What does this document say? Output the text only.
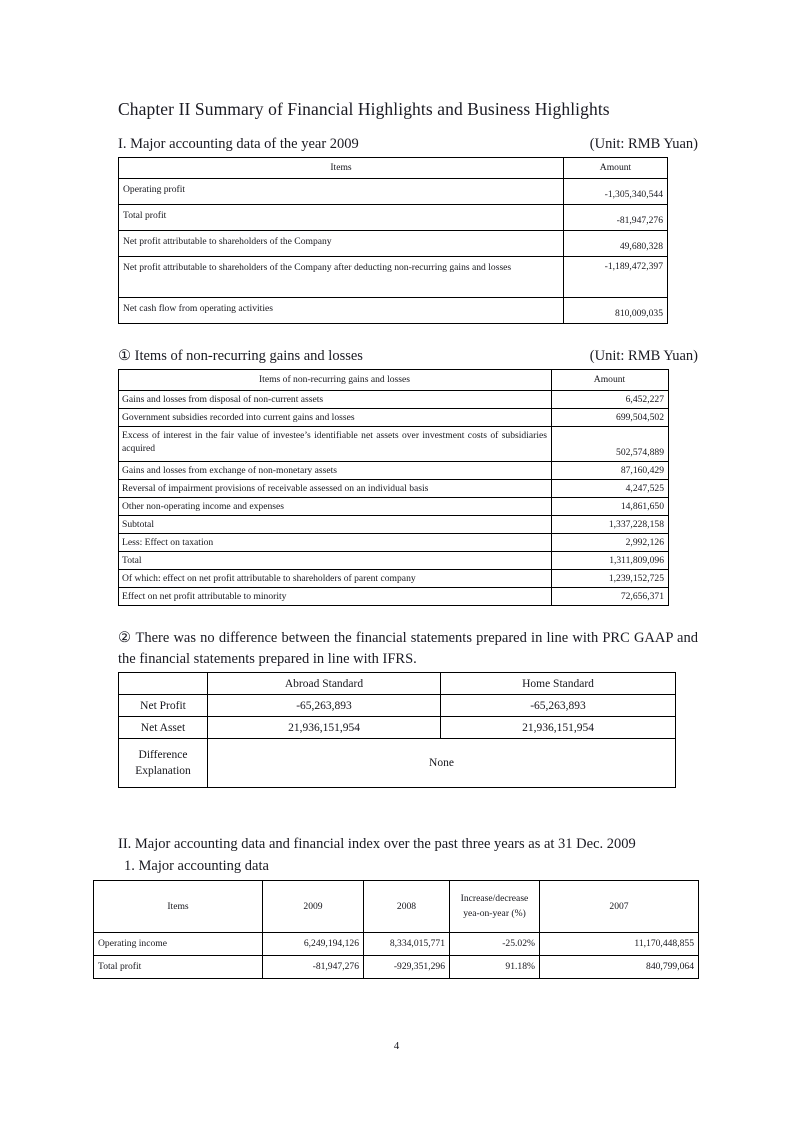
Chapter II Summary of Financial Highlights and Business Highlights
I. Major accounting data of the year 2009	(Unit: RMB Yuan)
Items	Amount
Operating profit	-1,305,340,544
Total profit	-81,947,276
Net profit attributable to shareholders of the Company	49,680,328
Net profit attributable to shareholders of the Company after deducting non-recurring gains and losses	-1,189,472,397
Net cash flow from operating activities	810,009,035
① Items of non-recurring gains and losses	(Unit: RMB Yuan)
Items of non-recurring gains and losses	Amount
Gains and losses from disposal of non-current assets	6,452,227
Government subsidies recorded into current gains and losses	699,504,502
Excess of interest in the fair value of investee’s identifiable net assets over investment costs of subsidiaries acquired	502,574,889
Gains and losses from exchange of non-monetary assets	87,160,429
Reversal of impairment provisions of receivable assessed on an individual basis	4,247,525
Other non-operating income and expenses	14,861,650
Subtotal	1,337,228,158
Less: Effect on taxation	2,992,126
Total	1,311,809,096
Of which: effect on net profit attributable to shareholders of parent company	1,239,152,725
Effect on net profit attributable to minority	72,656,371
② There was no difference between the financial statements prepared in line with PRC GAAP and the financial statements prepared in line with IFRS.
	Abroad Standard	Home Standard
Net Profit	-65,263,893	-65,263,893
Net Asset	21,936,151,954	21,936,151,954
Difference Explanation	None	
II. Major accounting data and financial index over the past three years as at 31 Dec. 2009
1. Major accounting data
Items	2009	2008	Increase/decrease yea-on-year (%)	2007
Operating income	6,249,194,126	8,334,015,771	-25.02%	11,170,448,855
Total profit	-81,947,276	-929,351,296	91.18%	840,799,064
4
